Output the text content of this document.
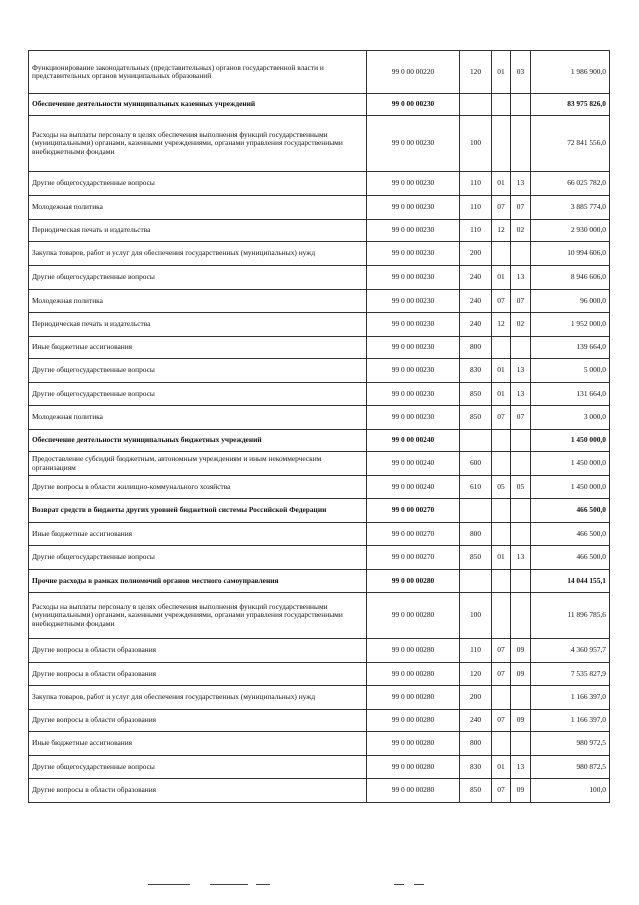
Функционирование законодательных (представительных) органов государственной власти и представительных органов муниципальных образований	99 0 00 00220	120	01	03	1 986 900,0
Обеспечение деятельности муниципальных казенных учреждений	99 0 00 00230				83 975 826,0
Расходы на выплаты персоналу в целях обеспечения выполнения функций государственными (муниципальными) органами, казенными учреждениями, органами управления государственными внебюджетными фондами	99 0 00 00230	100			72 841 556,0
Другие общегосударственные вопросы	99 0 00 00230	110	01	13	66 025 782,0
Молодежная политика	99 0 00 00230	110	07	07	3 885 774,0
Периодическая печать и издательства	99 0 00 00230	110	12	02	2 930 000,0
Закупка товаров, работ и услуг для обеспечения государственных (муниципальных) нужд	99 0 00 00230	200			10 994 606,0
Другие общегосударственные вопросы	99 0 00 00230	240	01	13	8 946 606,0
Молодежная политика	99 0 00 00230	240	07	07	96 000,0
Периодическая печать и издательства	99 0 00 00230	240	12	02	1 952 000,0
Иные бюджетные ассигнования	99 0 00 00230	800			139 664,0
Другие общегосударственные вопросы	99 0 00 00230	830	01	13	5 000,0
Другие общегосударственные вопросы	99 0 00 00230	850	01	13	131 664,0
Молодежная политика	99 0 00 00230	850	07	07	3 000,0
Обеспечение деятельности муниципальных бюджетных учреждений	99 0 00 00240				1 450 000,0
Предоставление субсидий бюджетным, автономным учреждениям и иным некоммерческим организациям	99 0 00 00240	600			1 450 000,0
Другие вопросы в области жилищно-коммунального хозяйства	99 0 00 00240	610	05	05	1 450 000,0
Возврат средств в бюджеты других уровней бюджетной системы Российской Федерации	99 0 00 00270				466 500,0
Иные бюджетные ассигнования	99 0 00 00270	800			466 500,0
Другие общегосударственные вопросы	99 0 00 00270	850	01	13	466 500,0
Прочие расходы в рамках полномочий органов местного самоуправления	99 0 00 00280				14 044 155,1
Расходы на выплаты персоналу в целях обеспечения выполнения функций государственными (муниципальными) органами, казенными учреждениями, органами управления государственными внебюджетными фондами	99 0 00 00280	100			11 896 785,6
Другие вопросы в области образования	99 0 00 00280	110	07	09	4 360 957,7
Другие вопросы в области образования	99 0 00 00280	120	07	09	7 535 827,9
Закупка товаров, работ и услуг для обеспечения государственных (муниципальных) нужд	99 0 00 00280	200			1 166 397,0
Другие вопросы в области образования	99 0 00 00280	240	07	09	1 166 397,0
Иные бюджетные ассигнования	99 0 00 00280	800			980 972,5
Другие общегосударственные вопросы	99 0 00 00280	830	01	13	980 872,5
Другие вопросы в области образования	99 0 00 00280	850	07	09	100,0
